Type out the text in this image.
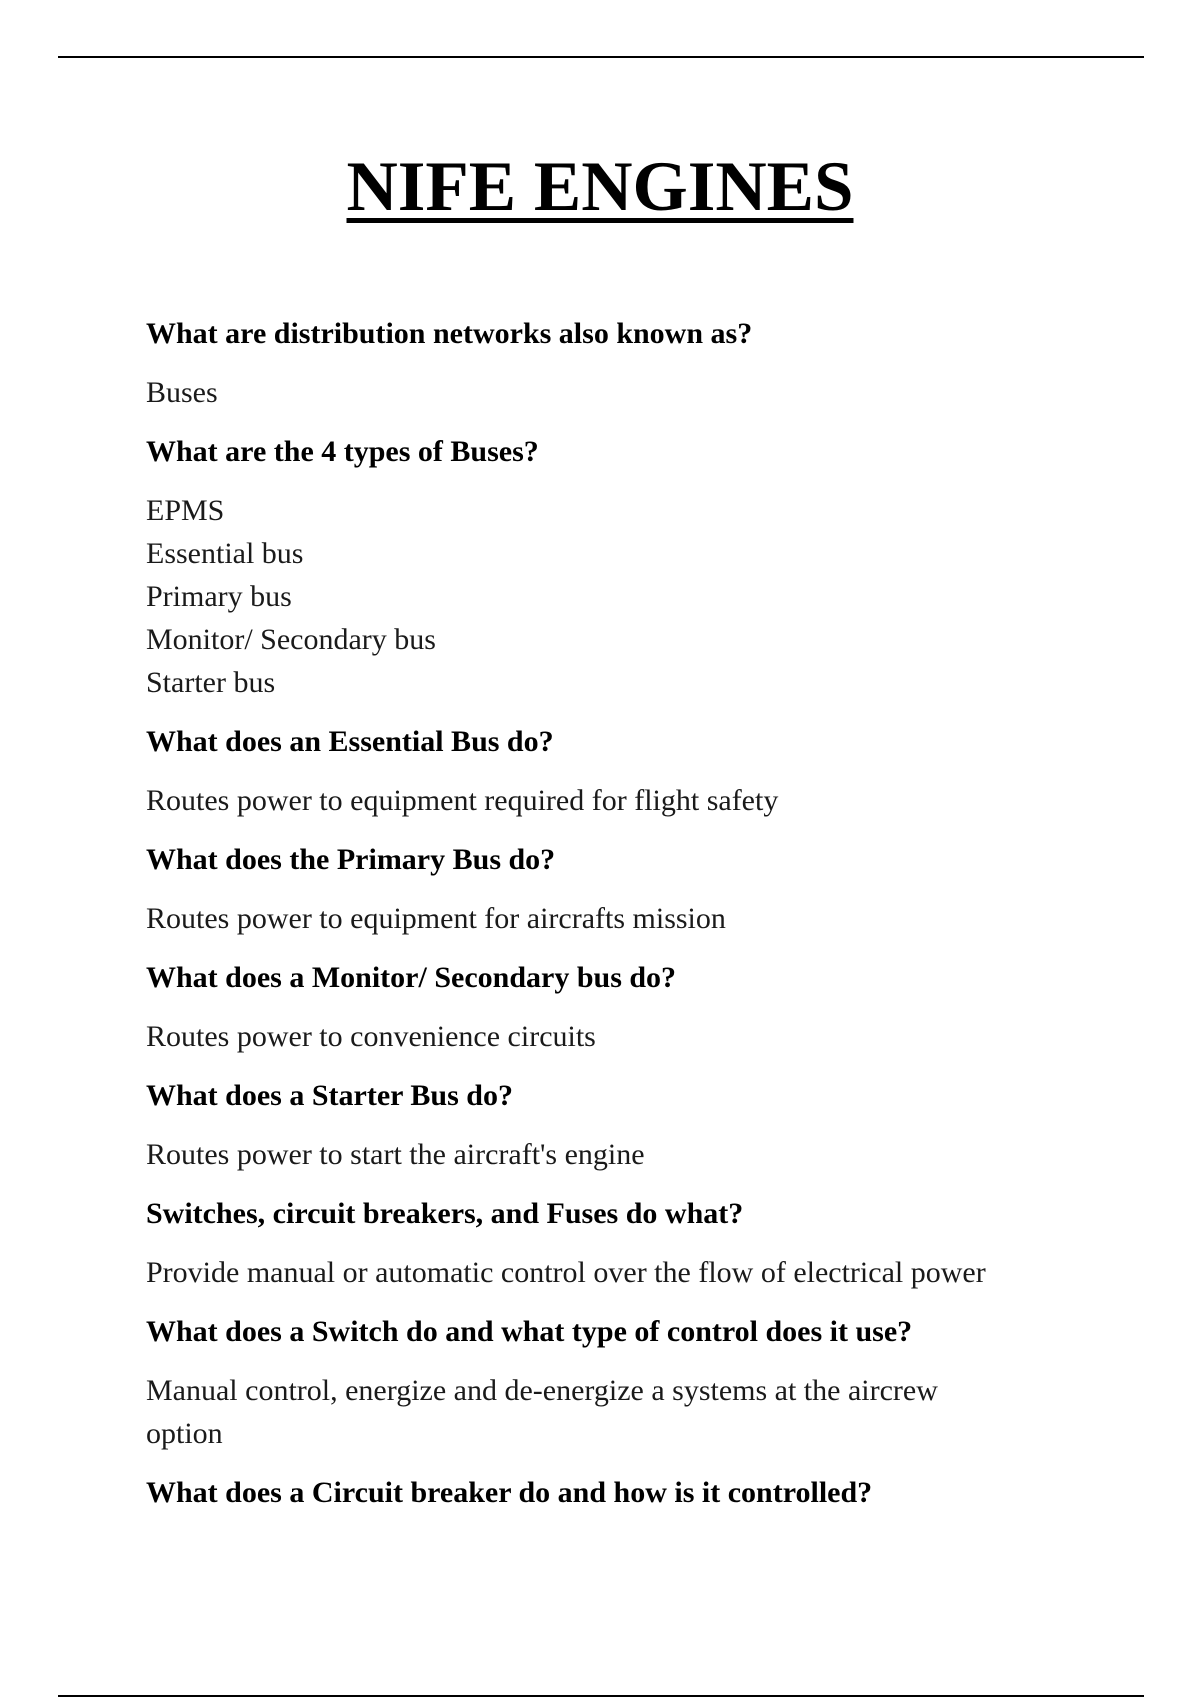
NIFE ENGINES

What are distribution networks also known as?

Buses

What are the 4 types of Buses?

EPMS
Essential bus
Primary bus
Monitor/ Secondary bus
Starter bus

What does an Essential Bus do?

Routes power to equipment required for flight safety

What does the Primary Bus do?

Routes power to equipment for aircrafts mission

What does a Monitor/ Secondary bus do?

Routes power to convenience circuits

What does a Starter Bus do?

Routes power to start the aircraft's engine

Switches, circuit breakers, and Fuses do what?

Provide manual or automatic control over the flow of electrical power

What does a Switch do and what type of control does it use?

Manual control, energize and de-energize a systems at the aircrew
option

What does a Circuit breaker do and how is it controlled?
